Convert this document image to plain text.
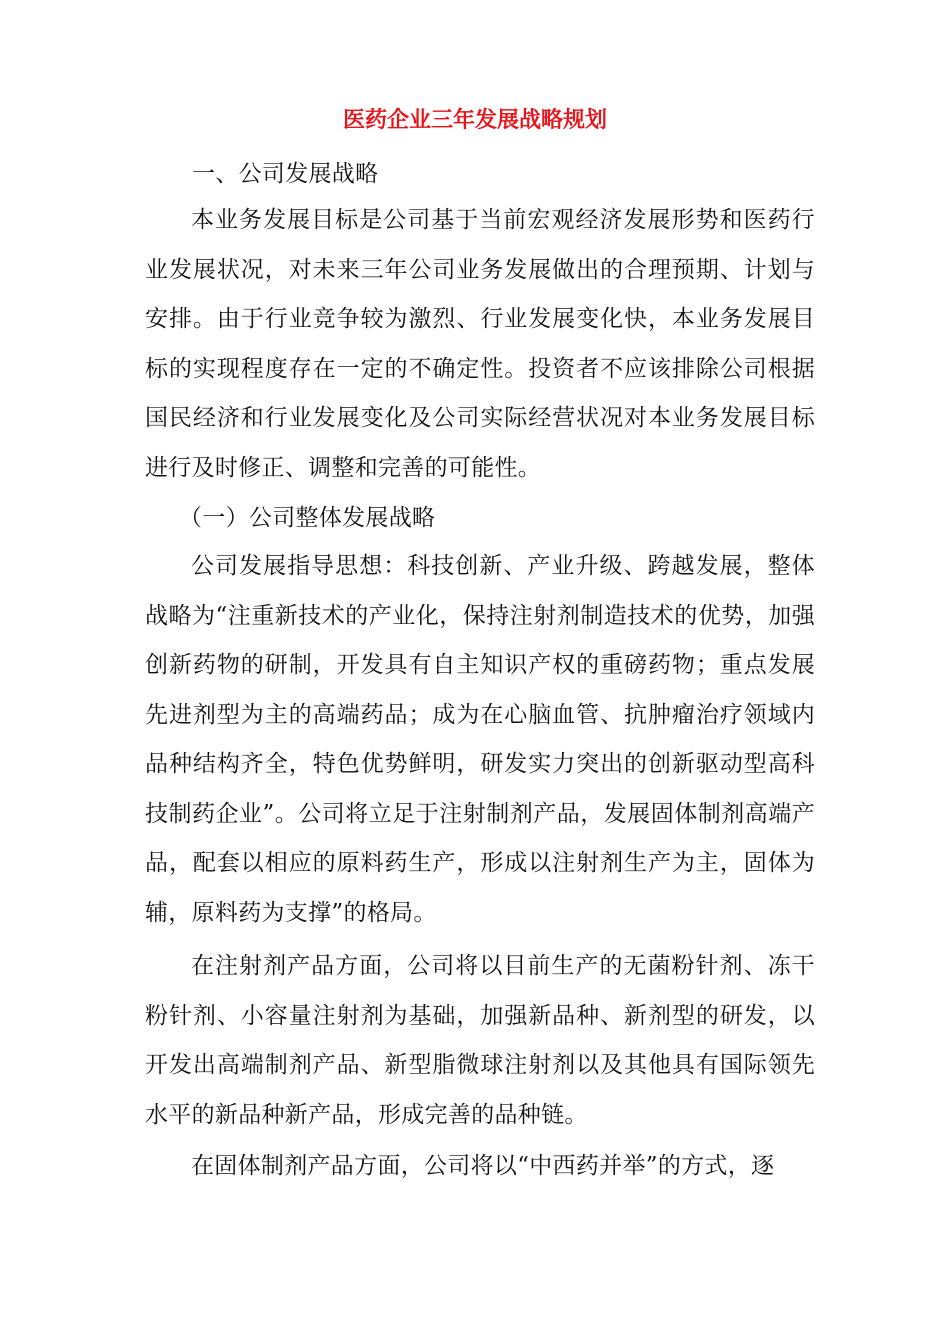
医药企业三年发展战略规划
一、公司发展战略
本业务发展目标是公司基于当前宏观经济发展形势和医药行业发展状况，对未来三年公司业务发展做出的合理预期、计划与安排。由于行业竞争较为激烈、行业发展变化快，本业务发展目标的实现程度存在一定的不确定性。投资者不应该排除公司根据国民经济和行业发展变化及公司实际经营状况对本业务发展目标进行及时修正、调整和完善的可能性。
（一）公司整体发展战略
公司发展指导思想：科技创新、产业升级、跨越发展，整体战略为“注重新技术的产业化，保持注射剂制造技术的优势，加强创新药物的研制，开发具有自主知识产权的重磅药物；重点发展先进剂型为主的高端药品；成为在心脑血管、抗肿瘤治疗领域内品种结构齐全，特色优势鲜明，研发实力突出的创新驱动型高科技制药企业”。公司将立足于注射制剂产品，发展固体制剂高端产品，配套以相应的原料药生产，形成以注射剂生产为主，固体为辅，原料药为支撑”的格局。
在注射剂产品方面，公司将以目前生产的无菌粉针剂、冻干粉针剂、小容量注射剂为基础，加强新品种、新剂型的研发，以开发出高端制剂产品、新型脂微球注射剂以及其他具有国际领先水平的新品种新产品，形成完善的品种链。
在固体制剂产品方面，公司将以“中西药并举”的方式，逐
